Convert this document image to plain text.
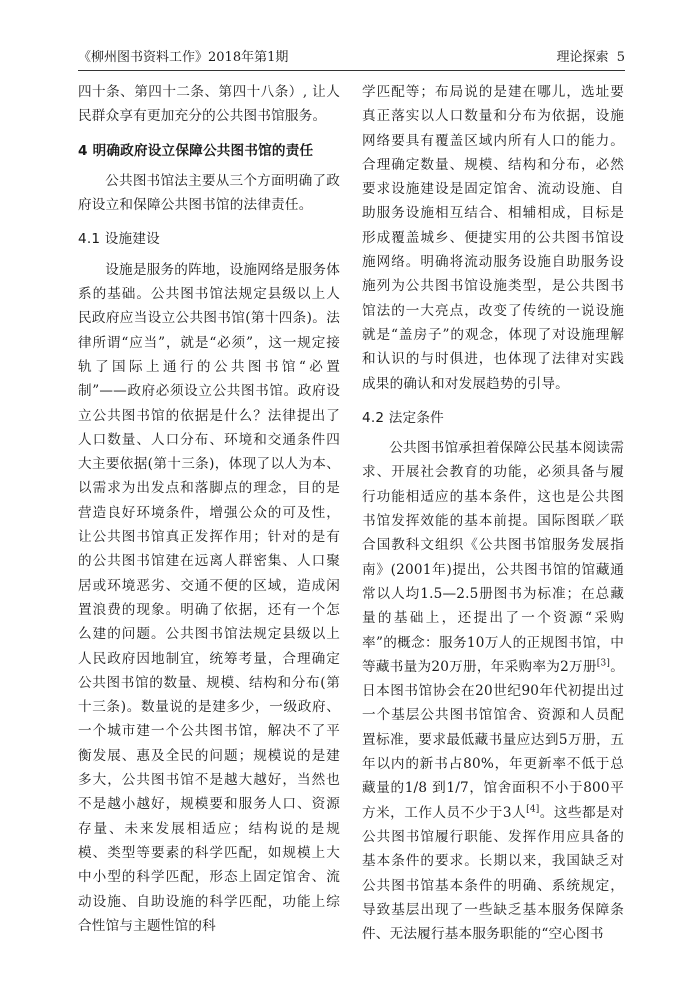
《柳州图书资料工作》2018年第1期	理论探索 5

四十条、第四十二条、第四十八条）, 让人民群众享有更加充分的公共图书馆服务。

4 明确政府设立保障公共图书馆的责任

公共图书馆法主要从三个方面明确了政府设立和保障公共图书馆的法律责任。

4.1 设施建设

设施是服务的阵地，设施网络是服务体系的基础。公共图书馆法规定县级以上人民政府应当设立公共图书馆(第十四条)。法律所谓“应当”，就是“必须”，这一规定接轨了国际上通行的公共图书馆“必置制”——政府必须设立公共图书馆。政府设立公共图书馆的依据是什么？法律提出了人口数量、人口分布、环境和交通条件四大主要依据(第十三条)，体现了以人为本、以需求为出发点和落脚点的理念，目的是营造良好环境条件，增强公众的可及性，让公共图书馆真正发挥作用；针对的是有的公共图书馆建在远离人群密集、人口聚居或环境恶劣、交通不便的区域，造成闲置浪费的现象。明确了依据，还有一个怎么建的问题。公共图书馆法规定县级以上人民政府因地制宜，统筹考量，合理确定公共图书馆的数量、规模、结构和分布(第十三条)。数量说的是建多少，一级政府、一个城市建一个公共图书馆，解决不了平衡发展、惠及全民的问题；规模说的是建多大，公共图书馆不是越大越好，当然也不是越小越好，规模要和服务人口、资源存量、未来发展相适应；结构说的是规模、类型等要素的科学匹配，如规模上大中小型的科学匹配，形态上固定馆舍、流动设施、自助设施的科学匹配，功能上综合性馆与主题性馆的科

学匹配等；布局说的是建在哪儿，选址要真正落实以人口数量和分布为依据，设施网络要具有覆盖区域内所有人口的能力。合理确定数量、规模、结构和分布，必然要求设施建设是固定馆舍、流动设施、自助服务设施相互结合、相辅相成，目标是形成覆盖城乡、便捷实用的公共图书馆设施网络。明确将流动服务设施自助服务设施列为公共图书馆设施类型，是公共图书馆法的一大亮点，改变了传统的一说设施就是“盖房子”的观念，体现了对设施理解和认识的与时俱进，也体现了法律对实践成果的确认和对发展趋势的引导。

4.2 法定条件

公共图书馆承担着保障公民基本阅读需求、开展社会教育的功能，必须具备与履行功能相适应的基本条件，这也是公共图书馆发挥效能的基本前提。国际图联／联合国教科文组织《公共图书馆服务发展指南》(2001年)提出，公共图书馆的馆藏通常以人均1.5—2.5册图书为标准；在总藏量的基础上，还提出了一个资源“采购率”的概念：服务10万人的正规图书馆，中等藏书量为20万册，年采购率为2万册[3]。日本图书馆协会在20世纪90年代初提出过一个基层公共图书馆馆舍、资源和人员配置标准，要求最低藏书量应达到5万册，五年以内的新书占80%，年更新率不低于总藏量的1/8 到1/7，馆舍面积不小于800平方米，工作人员不少于3人[4]。这些都是对公共图书馆履行职能、发挥作用应具备的基本条件的要求。长期以来，我国缺乏对公共图书馆基本条件的明确、系统规定，导致基层出现了一些缺乏基本服务保障条件、无法履行基本服务职能的“空心图书
